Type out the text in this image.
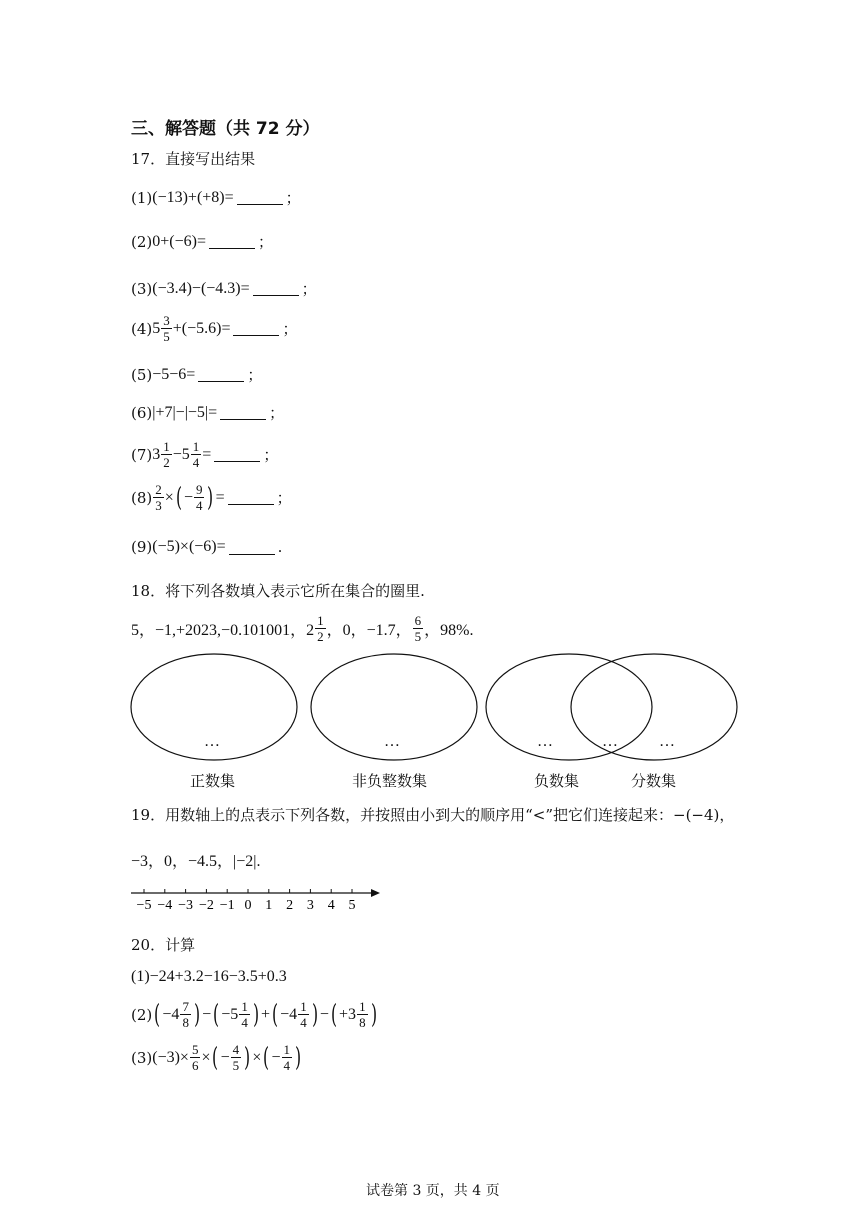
三、解答题（共 72 分）
17．直接写出结果
(1) (−13)+(+8)=	；
(2) 0+(−6)=	；
(3) (−3.4)−(−4.3)=	；
(4) $5 \frac{3}{5} +(-5.6)=$	；
(5) −5−6=	；
(6) |+7|−|−5|=	；
(7) $3 \frac{1}{2} -5 \frac{1}{4}$ =	；
$(8) \frac{2}{3}$ × ( − $\frac{9}{4}$ ) =	；
(9) (−5)×(−6)=	.
18．将下列各数填入表示它所在集合的圈里.
5，−1,+2023,−0.101001，$2 \frac{1}{2}$ ，0，−1.7， $\frac{6}{5}$ ，98%.
…	…	…	…	…
正数集	非负整数集	负数集	分数集
19．用数轴上的点表示下列各数，并按照由小到大的顺序用“<”把它们连接起来：−(−4)，
−3，0，−4.5，|−2|.
−5 −4 −3 −2 −1 0 1 2 3 4 5
20．计算
(1)−24+3.2−16−3.5+0.3
(2) ( $-4 \frac{7}{8}$ ) − ( $-5 \frac{1}{4}$ ) + ( $-4 \frac{1}{4}$ ) − ( $+3 \frac{1}{8}$ )
(3) $(-3)\times \frac{5}{6}$ × ( − $\frac{4}{5}$ ) × ( − $\frac{1}{4}$ )
试卷第 3 页，共 4 页
